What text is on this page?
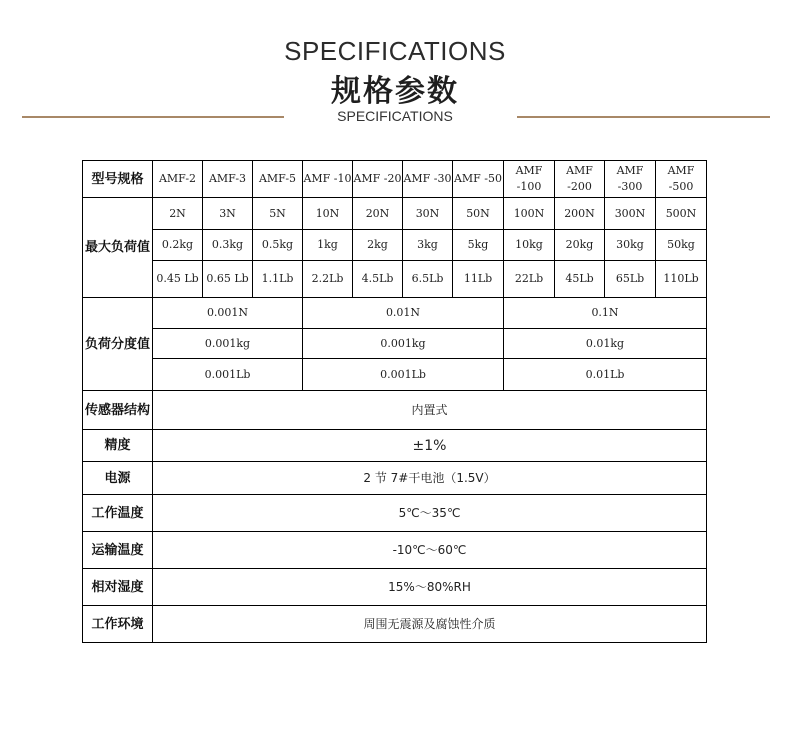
SPECIFICATIONS
规格参数
SPECIFICATIONS
型号规格	AMF-2	AMF-3	AMF-5	AMF -10	AMF -20	AMF -30	AMF -50	AMF -100	AMF -200	AMF -300	AMF -500
最大负荷值	2N	3N	5N	10N	20N	30N	50N	100N	200N	300N	500N
	0.2kg	0.3kg	0.5kg	1kg	2kg	3kg	5kg	10kg	20kg	30kg	50kg
	0.45 Lb	0.65 Lb	1.1Lb	2.2Lb	4.5Lb	6.5Lb	11Lb	22Lb	45Lb	65Lb	110Lb
负荷分度值	0.001N			0.01N				0.1N			
	0.001kg			0.001kg				0.01kg			
	0.001Lb			0.001Lb				0.01Lb			
传感器结构	内置式										
精度	±1%										
电源	2 节 7#干电池（1.5V）										
工作温度	5℃～35℃										
运输温度	-10℃～60℃										
相对湿度	15%～80%RH										
工作环境	周围无震源及腐蚀性介质										
